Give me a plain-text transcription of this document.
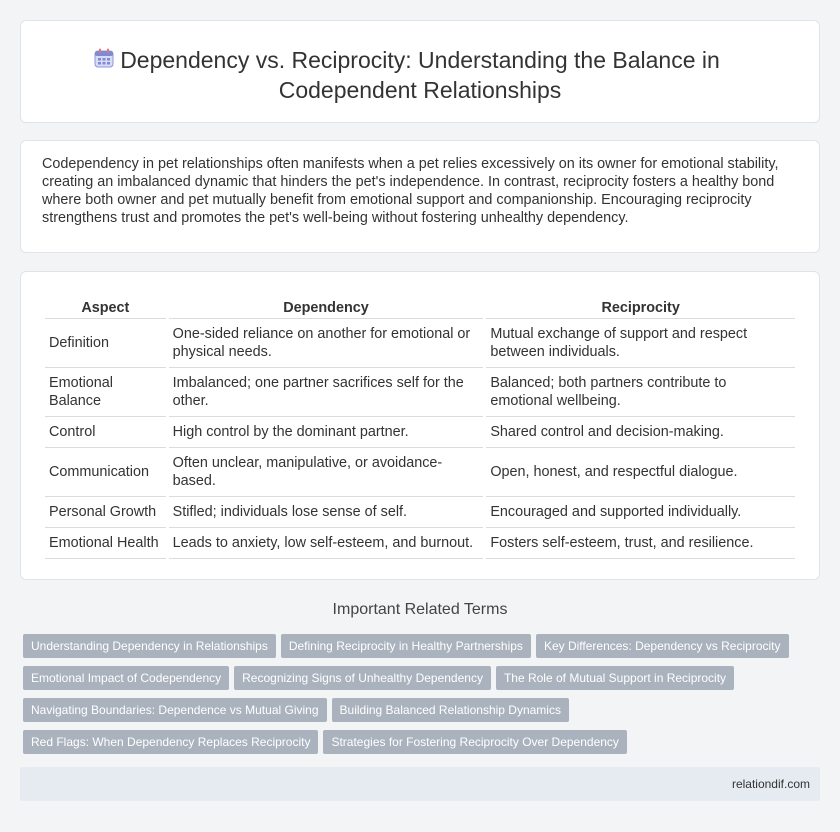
Dependency vs. Reciprocity: Understanding the Balance in Codependent Relationships

Codependency in pet relationships often manifests when a pet relies excessively on its owner for emotional stability, creating an imbalanced dynamic that hinders the pet's independence. In contrast, reciprocity fosters a healthy bond where both owner and pet mutually benefit from emotional support and companionship. Encouraging reciprocity strengthens trust and promotes the pet's well-being without fostering unhealthy dependency.

Aspect	Dependency	Reciprocity
Definition	One-sided reliance on another for emotional or physical needs.	Mutual exchange of support and respect between individuals.
Emotional Balance	Imbalanced; one partner sacrifices self for the other.	Balanced; both partners contribute to emotional wellbeing.
Control	High control by the dominant partner.	Shared control and decision-making.
Communication	Often unclear, manipulative, or avoidance-based.	Open, honest, and respectful dialogue.
Personal Growth	Stifled; individuals lose sense of self.	Encouraged and supported individually.
Emotional Health	Leads to anxiety, low self-esteem, and burnout.	Fosters self-esteem, trust, and resilience.
Important Related Terms
Understanding Dependency in Relationships Defining Reciprocity in Healthy Partnerships Key Differences: Dependency vs Reciprocity
Emotional Impact of Codependency Recognizing Signs of Unhealthy Dependency The Role of Mutual Support in Reciprocity
Navigating Boundaries: Dependence vs Mutual Giving Building Balanced Relationship Dynamics
Red Flags: When Dependency Replaces Reciprocity Strategies for Fostering Reciprocity Over Dependency
relationdif.com
